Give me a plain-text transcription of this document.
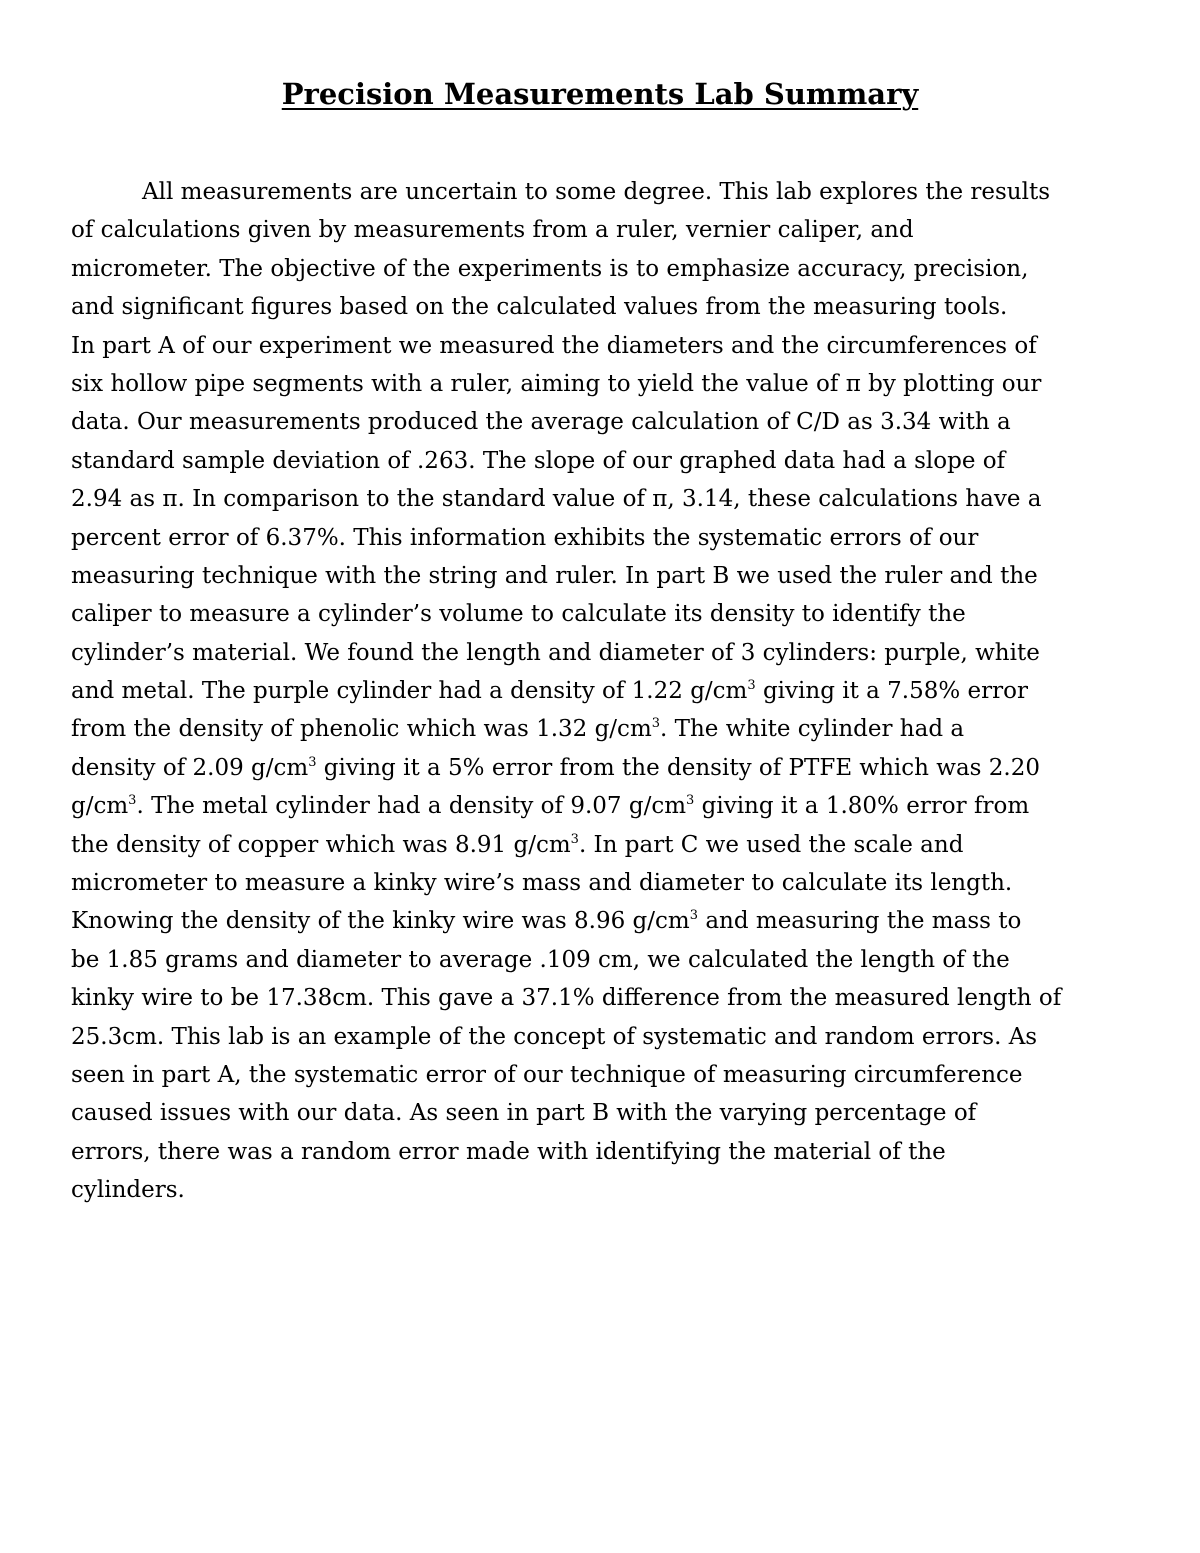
Precision Measurements Lab Summary
All measurements are uncertain to some degree. This lab explores the results
of calculations given by measurements from a ruler, vernier caliper, and
micrometer. The objective of the experiments is to emphasize accuracy, precision,
and significant figures based on the calculated values from the measuring tools.
In part A of our experiment we measured the diameters and the circumferences of
six hollow pipe segments with a ruler, aiming to yield the value of π by plotting our
data. Our measurements produced the average calculation of C/D as 3.34 with a
standard sample deviation of .263. The slope of our graphed data had a slope of
2.94 as π. In comparison to the standard value of π, 3.14, these calculations have a
percent error of 6.37%. This information exhibits the systematic errors of our
measuring technique with the string and ruler. In part B we used the ruler and the
caliper to measure a cylinder’s volume to calculate its density to identify the
cylinder’s material. We found the length and diameter of 3 cylinders: purple, white
and metal. The purple cylinder had a density of 1.22 $g/cm^3$ giving it a 7.58% error
from the density of phenolic which was 1.32 $g/cm^3$. The white cylinder had a
density of 2.09 $g/cm^3$ giving it a 5% error from the density of PTFE which was 2.20
$g/cm^3$. The metal cylinder had a density of 9.07 $g/cm^3$ giving it a 1.80% error from
the density of copper which was 8.91 $g/cm^3$. In part C we used the scale and
micrometer to measure a kinky wire’s mass and diameter to calculate its length.
Knowing the density of the kinky wire was 8.96 $g/cm^3$ and measuring the mass to
be 1.85 grams and diameter to average .109 cm, we calculated the length of the
kinky wire to be 17.38cm. This gave a 37.1% difference from the measured length of
25.3cm. This lab is an example of the concept of systematic and random errors. As
seen in part A, the systematic error of our technique of measuring circumference
caused issues with our data. As seen in part B with the varying percentage of
errors, there was a random error made with identifying the material of the
cylinders.
